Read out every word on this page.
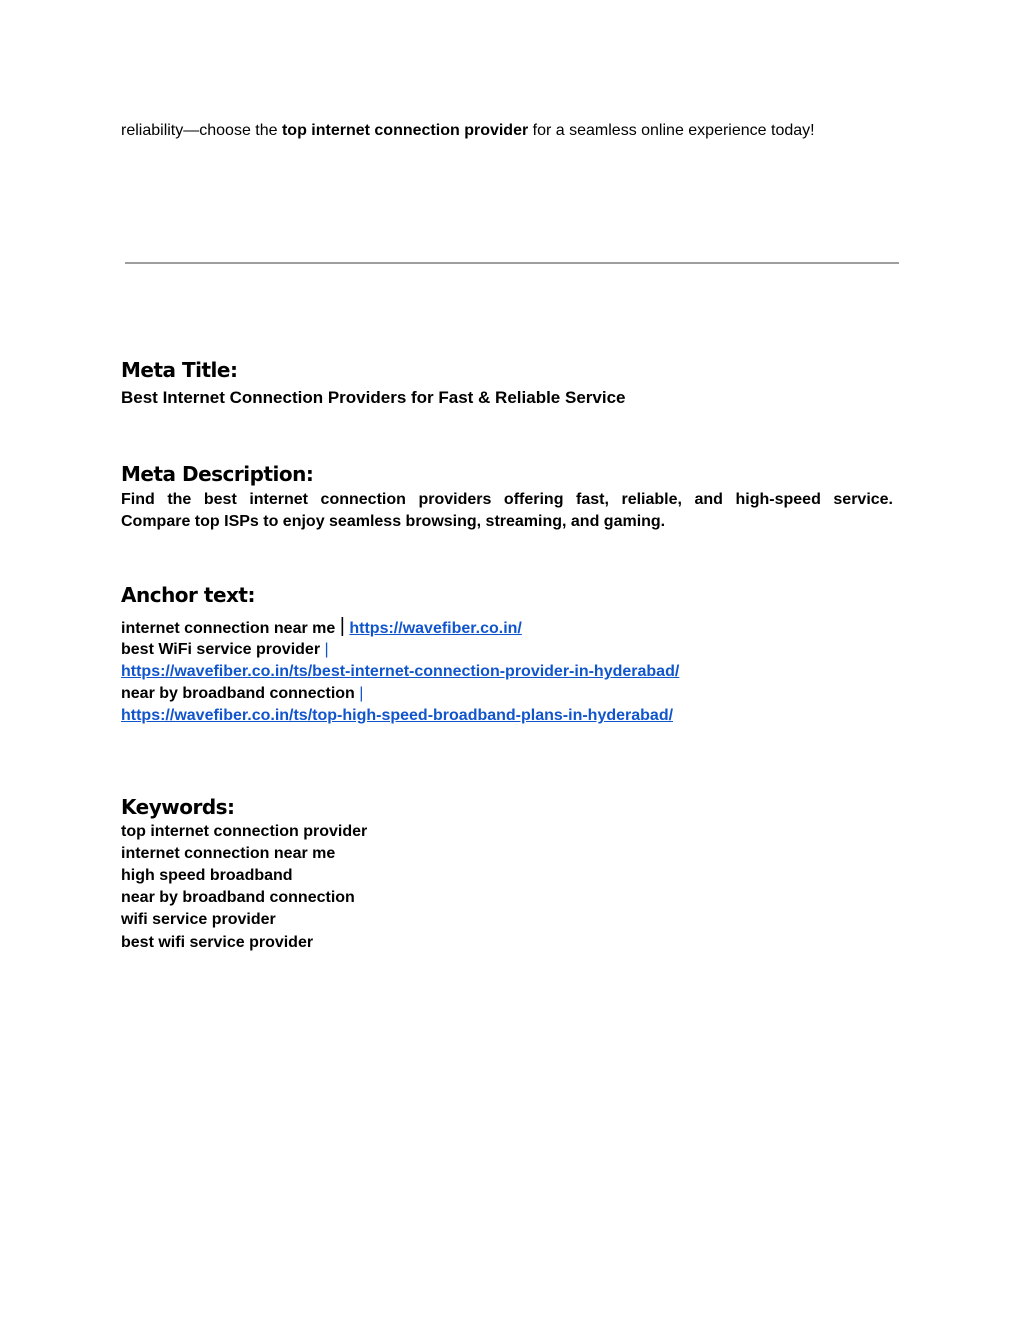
reliability—choose the top internet connection provider for a seamless online experience today!
Meta Title:
Best Internet Connection Providers for Fast & Reliable Service
Meta Description:
Find the best internet connection providers offering fast, reliable, and high-speed service.
Compare top ISPs to enjoy seamless browsing, streaming, and gaming.
Anchor text:
internet connection near me | https://wavefiber.co.in/
best WiFi service provider |
https://wavefiber.co.in/ts/best-internet-connection-provider-in-hyderabad/
near by broadband connection |
https://wavefiber.co.in/ts/top-high-speed-broadband-plans-in-hyderabad/
Keywords:
top internet connection provider
internet connection near me
high speed broadband
near by broadband connection
wifi service provider
best wifi service provider
